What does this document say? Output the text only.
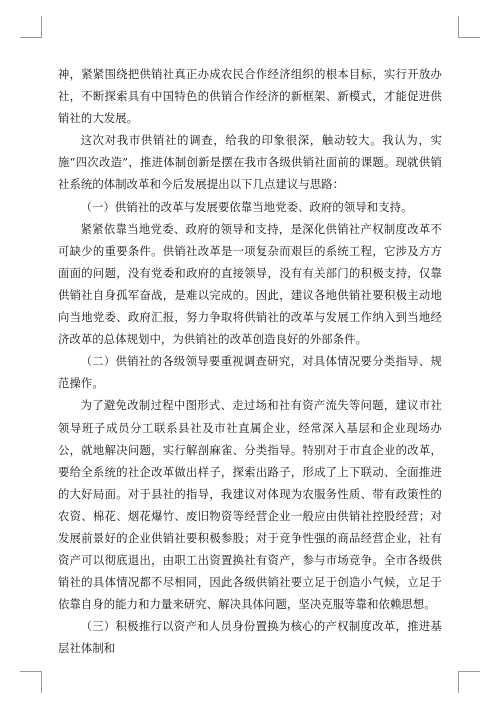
神，紧紧围绕把供销社真正办成农民合作经济组织的根本目标，实行开放办社，不断探索具有中国特色的供销合作经济的新框架、新模式，才能促进供销社的大发展。

这次对我市供销社的调查，给我的印象很深，触动较大。我认为，实施“四次改造”，推进体制创新是摆在我市各级供销社面前的课题。现就供销社系统的体制改革和今后发展提出以下几点建议与思路：

（一）供销社的改革与发展要依靠当地党委、政府的领导和支持。

紧紧依靠当地党委、政府的领导和支持，是深化供销社产权制度改革不可缺少的重要条件。供销社改革是一项复杂而艰巨的系统工程，它涉及方方面面的问题，没有党委和政府的直接领导，没有有关部门的积极支持，仅靠供销社自身孤军奋战，是难以完成的。因此，建议各地供销社要积极主动地向当地党委、政府汇报，努力争取将供销社的改革与发展工作纳入到当地经济改革的总体规划中，为供销社的改革创造良好的外部条件。

（二）供销社的各级领导要重视调查研究，对具体情况要分类指导、规范操作。

为了避免改制过程中图形式、走过场和社有资产流失等问题，建议市社领导班子成员分工联系县社及市社直属企业，经常深入基层和企业现场办公，就地解决问题，实行解剖麻雀、分类指导。特别对于市直企业的改革，要给全系统的社企改革做出样子，探索出路子，形成了上下联动、全面推进的大好局面。对于县社的指导，我建议对体现为农服务性质、带有政策性的农资、棉花、烟花爆竹、废旧物资等经营企业一般应由供销社控股经营；对发展前景好的企业供销社要积极参股；对于竞争性强的商品经营企业，社有资产可以彻底退出，由职工出资置换社有资产，参与市场竞争。全市各级供销社的具体情况都不尽相同，因此各级供销社要立足于创造小气候，立足于依靠自身的能力和力量来研究、解决具体问题，坚决克服等靠和依赖思想。

（三）积极推行以资产和人员身份置换为核心的产权制度改革，推进基层社体制和
